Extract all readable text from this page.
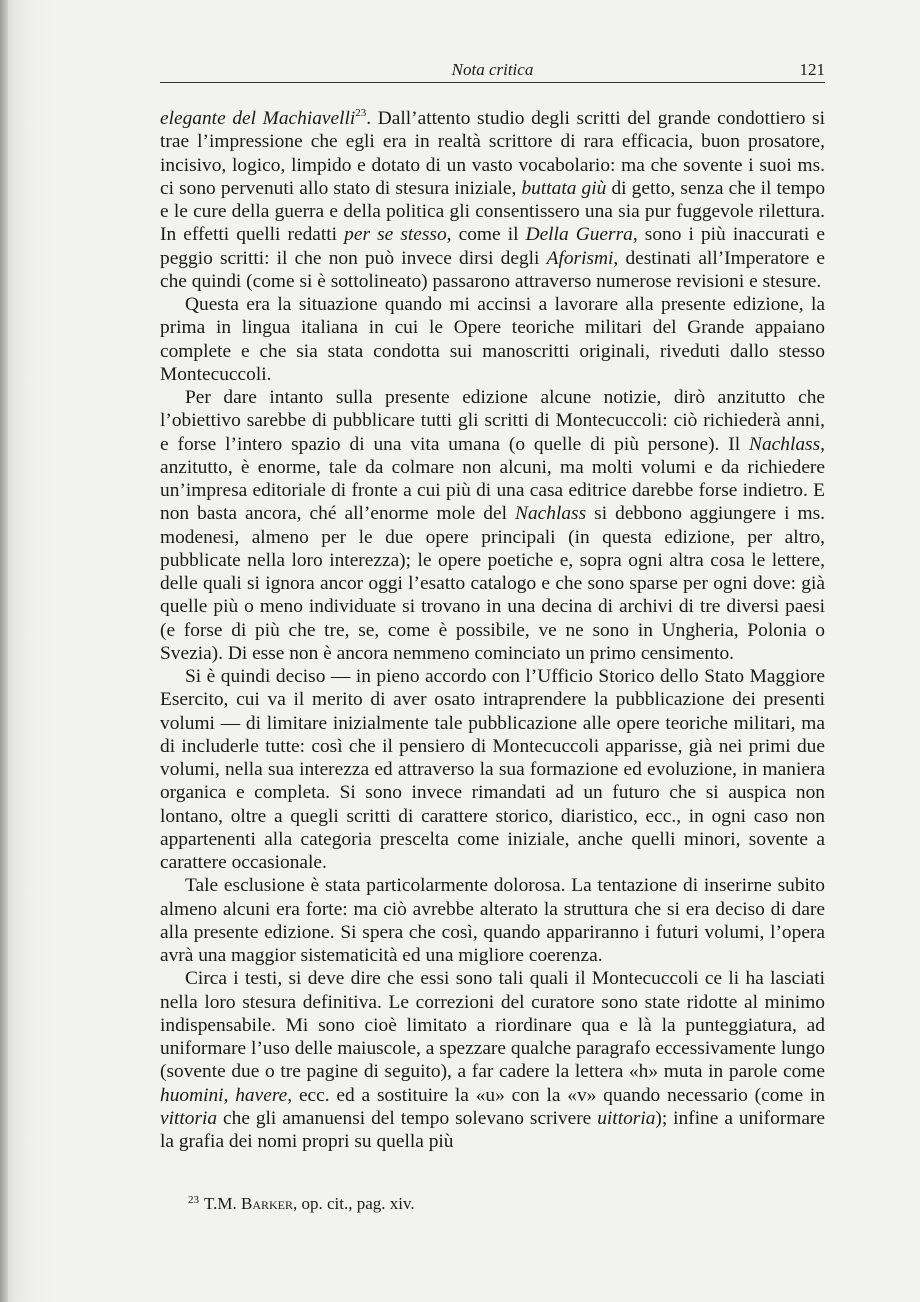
Nota critica	121

elegante del Machiavelli$^{23}$. Dall’attento studio degli scritti del grande condottiero si trae l’impressione che egli era in realtà scrittore di rara efficacia, buon prosatore, incisivo, logico, limpido e dotato di un vasto vocabolario: ma che sovente i suoi ms. ci sono pervenuti allo stato di stesura iniziale, buttata giù di getto, senza che il tempo e le cure della guerra e della politica gli consentissero una sia pur fuggevole rilettura. In effetti quelli redatti per se stesso, come il Della Guerra, sono i più inaccurati e peggio scritti: il che non può invece dirsi degli Aforismi, destinati all’Imperatore e che quindi (come si è sottolineato) passarono attraverso numerose revisioni e stesure.

Questa era la situazione quando mi accinsi a lavorare alla presente edizione, la prima in lingua italiana in cui le Opere teoriche militari del Grande appaiano complete e che sia stata condotta sui manoscritti originali, riveduti dallo stesso Montecuccoli.

Per dare intanto sulla presente edizione alcune notizie, dirò anzitutto che l’obiettivo sarebbe di pubblicare tutti gli scritti di Montecuccoli: ciò richiederà anni, e forse l’intero spazio di una vita umana (o quelle di più persone). Il Nachlass, anzitutto, è enorme, tale da colmare non alcuni, ma molti volumi e da richiedere un’impresa editoriale di fronte a cui più di una casa editrice darebbe forse indietro. E non basta ancora, ché all’enorme mole del Nachlass si debbono aggiungere i ms. modenesi, almeno per le due opere principali (in questa edizione, per altro, pubblicate nella loro interezza); le opere poetiche e, sopra ogni altra cosa le lettere, delle quali si ignora ancor oggi l’esatto catalogo e che sono sparse per ogni dove: già quelle più o meno individuate si trovano in una decina di archivi di tre diversi paesi (e forse di più che tre, se, come è possibile, ve ne sono in Ungheria, Polonia o Svezia). Di esse non è ancora nemmeno cominciato un primo censimento.

Si è quindi deciso — in pieno accordo con l’Ufficio Storico dello Stato Maggiore Esercito, cui va il merito di aver osato intraprendere la pubblicazione dei presenti volumi — di limitare inizialmente tale pubblicazione alle opere teoriche militari, ma di includerle tutte: così che il pensiero di Montecuccoli apparisse, già nei primi due volumi, nella sua interezza ed attraverso la sua formazione ed evoluzione, in maniera organica e completa. Si sono invece rimandati ad un futuro che si auspica non lontano, oltre a quegli scritti di carattere storico, diaristico, ecc., in ogni caso non appartenenti alla categoria prescelta come iniziale, anche quelli minori, sovente a carattere occasionale.

Tale esclusione è stata particolarmente dolorosa. La tentazione di inserirne subito almeno alcuni era forte: ma ciò avrebbe alterato la struttura che si era deciso di dare alla presente edizione. Si spera che così, quando appariranno i futuri volumi, l’opera avrà una maggior sistematicità ed una migliore coerenza.

Circa i testi, si deve dire che essi sono tali quali il Montecuccoli ce li ha lasciati nella loro stesura definitiva. Le correzioni del curatore sono state ridotte al minimo indispensabile. Mi sono cioè limitato a riordinare qua e là la punteggiatura, ad uniformare l’uso delle maiuscole, a spezzare qualche paragrafo eccessivamente lungo (sovente due o tre pagine di seguito), a far cadere la lettera «h» muta in parole come huomini, havere, ecc. ed a sostituire la «u» con la «v» quando necessario (come in vittoria che gli amanuensi del tempo solevano scrivere uittoria); infine a uniformare la grafia dei nomi propri su quella più

$^{23}$ T.M. Barker, op. cit., pag. xiv.
